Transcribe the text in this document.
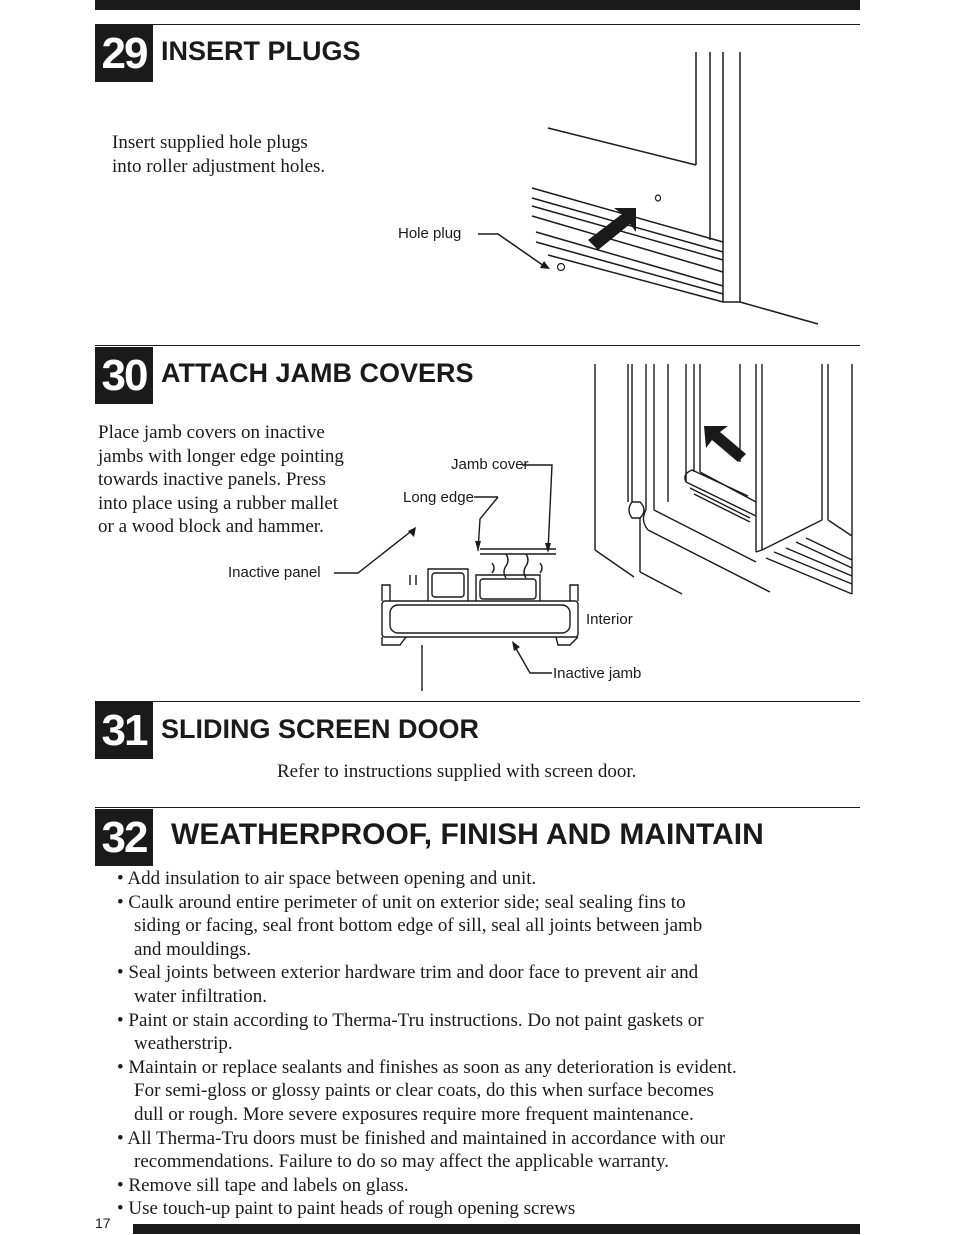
29 INSERT PLUGS
Insert supplied hole plugs
into roller adjustment holes.
Hole plug
30 ATTACH JAMB COVERS
Place jamb covers on inactive
jambs with longer edge pointing
towards inactive panels. Press
into place using a rubber mallet
or a wood block and hammer.
Jamb cover
Long edge
Inactive panel
Interior
Inactive jamb
31 SLIDING SCREEN DOOR
Refer to instructions supplied with screen door.
32 WEATHERPROOF, FINISH AND MAINTAIN
• Add insulation to air space between opening and unit.
• Caulk around entire perimeter of unit on exterior side; seal sealing fins to
siding or facing, seal front bottom edge of sill, seal all joints between jamb
and mouldings.
• Seal joints between exterior hardware trim and door face to prevent air and
water infiltration.
• Paint or stain according to Therma-Tru instructions. Do not paint gaskets or
weatherstrip.
• Maintain or replace sealants and finishes as soon as any deterioration is evident.
For semi-gloss or glossy paints or clear coats, do this when surface becomes
dull or rough. More severe exposures require more frequent maintenance.
• All Therma-Tru doors must be finished and maintained in accordance with our
recommendations. Failure to do so may affect the applicable warranty.
• Remove sill tape and labels on glass.
• Use touch-up paint to paint heads of rough opening screws
17
